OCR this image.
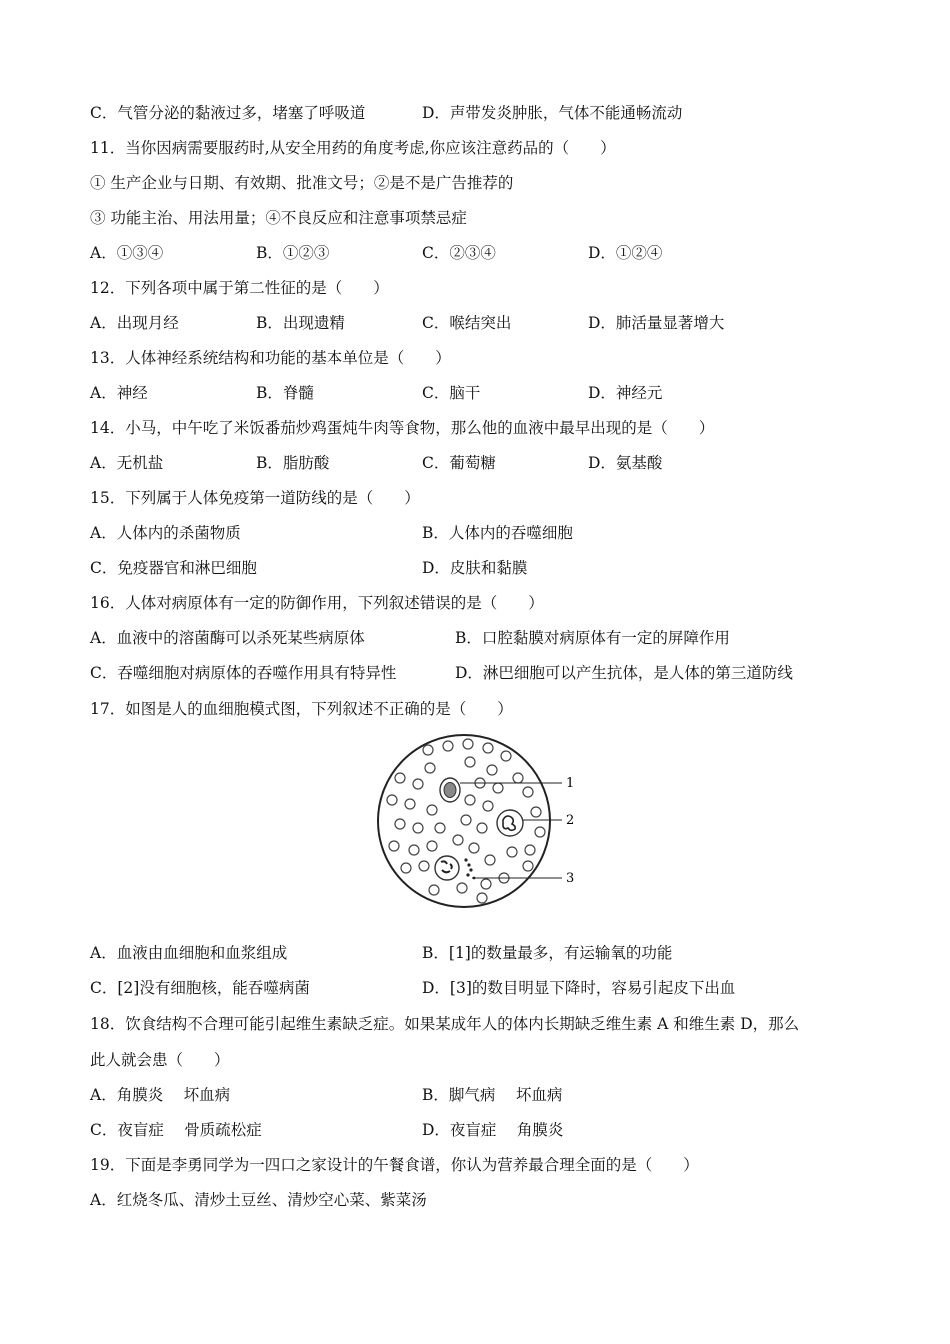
C．气管分泌的黏液过多，堵塞了呼吸道	D．声带发炎肿胀，气体不能通畅流动
11．当你因病需要服药时,从安全用药的角度考虑,你应该注意药品的（　　）
① 生产企业与日期、有效期、批准文号；②是不是广告推荐的
③ 功能主治、用法用量；④不良反应和注意事项禁忌症
A．①③④	B．①②③	C．②③④	D．①②④
12．下列各项中属于第二性征的是（　　）
A．出现月经	B．出现遗精	C．喉结突出	D．肺活量显著增大
13．人体神经系统结构和功能的基本单位是（　　）
A．神经	B．脊髓	C．脑干	D．神经元
14．小马，中午吃了米饭番茄炒鸡蛋炖牛肉等食物，那么他的血液中最早出现的是（　　）
A．无机盐	B．脂肪酸	C．葡萄糖	D．氨基酸
15．下列属于人体免疫第一道防线的是（　　）
A．人体内的杀菌物质	B．人体内的吞噬细胞
C．免疫器官和淋巴细胞	D．皮肤和黏膜
16．人体对病原体有一定的防御作用，下列叙述错误的是（　　）
A．血液中的溶菌酶可以杀死某些病原体	B．口腔黏膜对病原体有一定的屏障作用
C．吞噬细胞对病原体的吞噬作用具有特异性	D．淋巴细胞可以产生抗体，是人体的第三道防线
17．如图是人的血细胞模式图，下列叙述不正确的是（　　）
1
2
3
A．血液由血细胞和血浆组成	B．[1]的数量最多，有运输氧的功能
C．[2]没有细胞核，能吞噬病菌	D．[3]的数目明显下降时，容易引起皮下出血
18．饮食结构不合理可能引起维生素缺乏症。如果某成年人的体内长期缺乏维生素 A 和维生素 D，那么
此人就会患（　　）
A．角膜炎　 坏血病	B．脚气病　 坏血病
C．夜盲症　 骨质疏松症	D．夜盲症　 角膜炎
19．下面是李勇同学为一四口之家设计的午餐食谱，你认为营养最合理全面的是（　　）
A．红烧冬瓜、清炒土豆丝、清炒空心菜、紫菜汤
